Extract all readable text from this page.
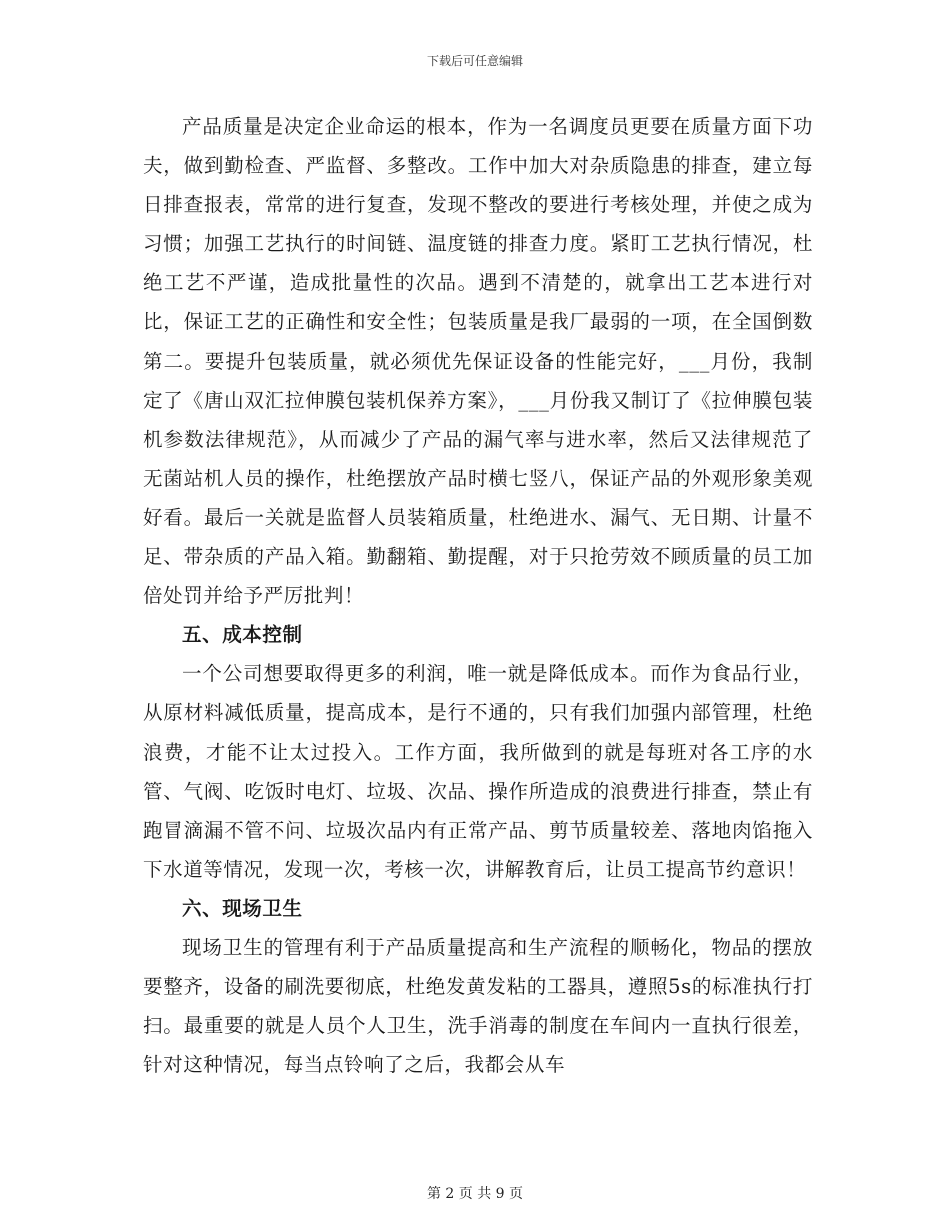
下载后可任意编辑

产品质量是决定企业命运的根本，作为一名调度员更要在质量方面下功夫，做到勤检查、严监督、多整改。工作中加大对杂质隐患的排查，建立每日排查报表，常常的进行复查，发现不整改的要进行考核处理，并使之成为习惯；加强工艺执行的时间链、温度链的排查力度。紧盯工艺执行情况，杜绝工艺不严谨，造成批量性的次品。遇到不清楚的，就拿出工艺本进行对比，保证工艺的正确性和安全性；包装质量是我厂最弱的一项，在全国倒数第二。要提升包装质量，就必须优先保证设备的性能完好，___月份，我制定了《唐山双汇拉伸膜包装机保养方案》，___月份我又制订了《拉伸膜包装机参数法律规范》，从而减少了产品的漏气率与进水率，然后又法律规范了无菌站机人员的操作，杜绝摆放产品时横七竖八，保证产品的外观形象美观好看。最后一关就是监督人员装箱质量，杜绝进水、漏气、无日期、计量不足、带杂质的产品入箱。勤翻箱、勤提醒，对于只抢劳效不顾质量的员工加倍处罚并给予严厉批判！

五、成本控制

一个公司想要取得更多的利润，唯一就是降低成本。而作为食品行业，从原材料减低质量，提高成本，是行不通的，只有我们加强内部管理，杜绝浪费，才能不让太过投入。工作方面，我所做到的就是每班对各工序的水管、气阀、吃饭时电灯、垃圾、次品、操作所造成的浪费进行排查，禁止有跑冒滴漏不管不问、垃圾次品内有正常产品、剪节质量较差、落地肉馅拖入下水道等情况，发现一次，考核一次，讲解教育后，让员工提高节约意识！

六、现场卫生

现场卫生的管理有利于产品质量提高和生产流程的顺畅化，物品的摆放要整齐，设备的刷洗要彻底，杜绝发黄发粘的工器具，遵照5s的标准执行打扫。最重要的就是人员个人卫生，洗手消毒的制度在车间内一直执行很差，针对这种情况，每当点铃响了之后，我都会从车

第 2 页 共 9 页
